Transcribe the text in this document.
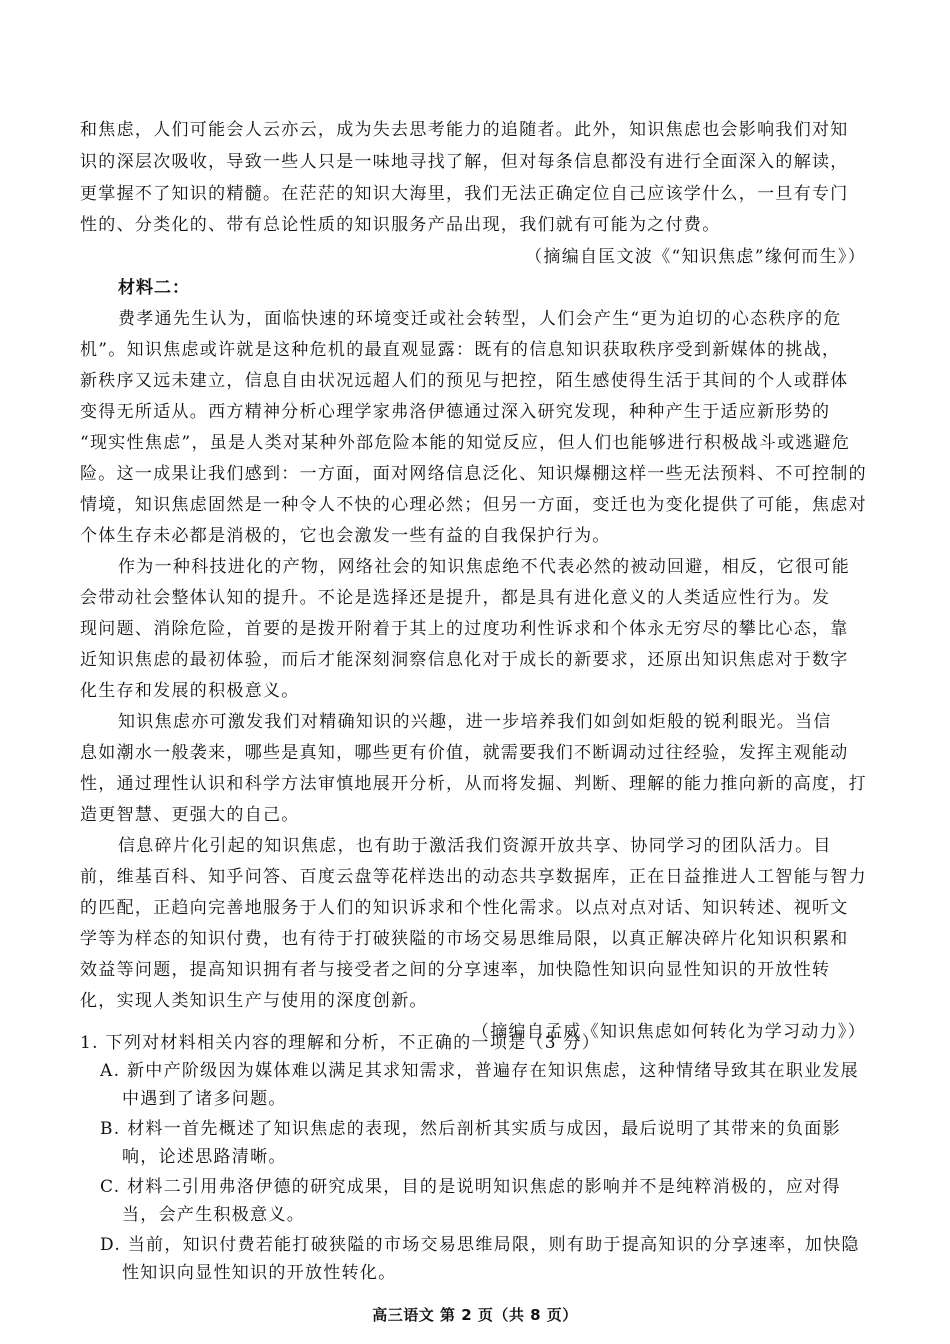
和焦虑，人们可能会人云亦云，成为失去思考能力的追随者。此外，知识焦虑也会影响我们对知
识的深层次吸收，导致一些人只是一味地寻找了解，但对每条信息都没有进行全面深入的解读，
更掌握不了知识的精髓。在茫茫的知识大海里，我们无法正确定位自己应该学什么，一旦有专门
性的、分类化的、带有总论性质的知识服务产品出现，我们就有可能为之付费。
（摘编自匡文波《“知识焦虑”缘何而生》）
材料二：
费孝通先生认为，面临快速的环境变迁或社会转型，人们会产生“更为迫切的心态秩序的危
机”。知识焦虑或许就是这种危机的最直观显露：既有的信息知识获取秩序受到新媒体的挑战，
新秩序又远未建立，信息自由状况远超人们的预见与把控，陌生感使得生活于其间的个人或群体
变得无所适从。西方精神分析心理学家弗洛伊德通过深入研究发现，种种产生于适应新形势的
“现实性焦虑”，虽是人类对某种外部危险本能的知觉反应，但人们也能够进行积极战斗或逃避危
险。这一成果让我们感到：一方面，面对网络信息泛化、知识爆棚这样一些无法预料、不可控制的
情境，知识焦虑固然是一种令人不快的心理必然；但另一方面，变迁也为变化提供了可能，焦虑对
个体生存未必都是消极的，它也会激发一些有益的自我保护行为。
作为一种科技进化的产物，网络社会的知识焦虑绝不代表必然的被动回避，相反，它很可能
会带动社会整体认知的提升。不论是选择还是提升，都是具有进化意义的人类适应性行为。发
现问题、消除危险，首要的是拨开附着于其上的过度功利性诉求和个体永无穷尽的攀比心态，靠
近知识焦虑的最初体验，而后才能深刻洞察信息化对于成长的新要求，还原出知识焦虑对于数字
化生存和发展的积极意义。
知识焦虑亦可激发我们对精确知识的兴趣，进一步培养我们如剑如炬般的锐利眼光。当信
息如潮水一般袭来，哪些是真知，哪些更有价值，就需要我们不断调动过往经验，发挥主观能动
性，通过理性认识和科学方法审慎地展开分析，从而将发掘、判断、理解的能力推向新的高度，打
造更智慧、更强大的自己。
信息碎片化引起的知识焦虑，也有助于激活我们资源开放共享、协同学习的团队活力。目
前，维基百科、知乎问答、百度云盘等花样迭出的动态共享数据库，正在日益推进人工智能与智力
的匹配，正趋向完善地服务于人们的知识诉求和个性化需求。以点对点对话、知识转述、视听文
学等为样态的知识付费，也有待于打破狭隘的市场交易思维局限，以真正解决碎片化知识积累和
效益等问题，提高知识拥有者与接受者之间的分享速率，加快隐性知识向显性知识的开放性转
化，实现人类知识生产与使用的深度创新。
（摘编自孟威《知识焦虑如何转化为学习动力》）
1. 下列对材料相关内容的理解和分析，不正确的一项是（3 分）
A. 新中产阶级因为媒体难以满足其求知需求，普遍存在知识焦虑，这种情绪导致其在职业发展
中遇到了诸多问题。
B. 材料一首先概述了知识焦虑的表现，然后剖析其实质与成因，最后说明了其带来的负面影
响，论述思路清晰。
C. 材料二引用弗洛伊德的研究成果，目的是说明知识焦虑的影响并不是纯粹消极的，应对得
当，会产生积极意义。
D. 当前，知识付费若能打破狭隘的市场交易思维局限，则有助于提高知识的分享速率，加快隐
性知识向显性知识的开放性转化。
高三语文 第 2 页（共 8 页）
